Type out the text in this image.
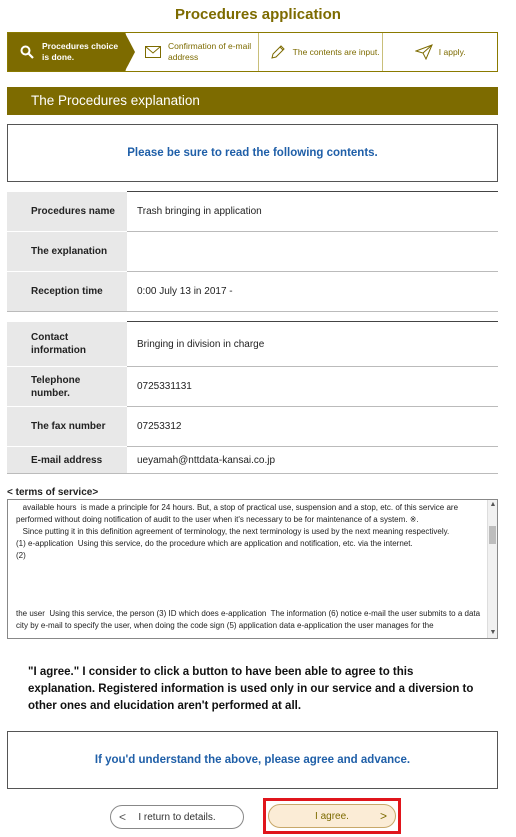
Procedures application
Procedures choice is done.
Confirmation of e-mail address
The contents are input.	I apply.
The Procedures explanation
Please be sure to read the following contents.
Procedures name	Trash bringing in application
The explanation	
Reception time	0:00 July 13 in 2017 -
Contact information	Bringing in division in charge
Telephone number.	0725331131
The fax number	07253312
E-mail address	ueyamah@nttdata-kansai.co.jp
< terms of service>

available hours  is made a principle for 24 hours. But, a stop of practical use, suspension and a stop, etc. of this service are performed without doing notification of audit to the user when it's necessary to be for maintenance of a system. ※.

Since putting it in this definition agreement of terminology, the next terminology is used by the next meaning respectively.

(1) e-application  Using this service, do the procedure which are application and notification, etc. via the internet.

(2)

the user  Using this service, the person (3) ID which does e-application  The information (6) notice e-mail the user submits to a data city by e-mail to specify the user, when doing the code sign (5) application data e-application the user manages for the

▲
▼
"I agree." I consider to click a button to have been able to agree to this explanation. Registered information is used only in our service and a diversion to other ones and elucidation aren't performed at all.
If you'd understand the above, please agree and advance.
< I return to details.	I agree.	>
